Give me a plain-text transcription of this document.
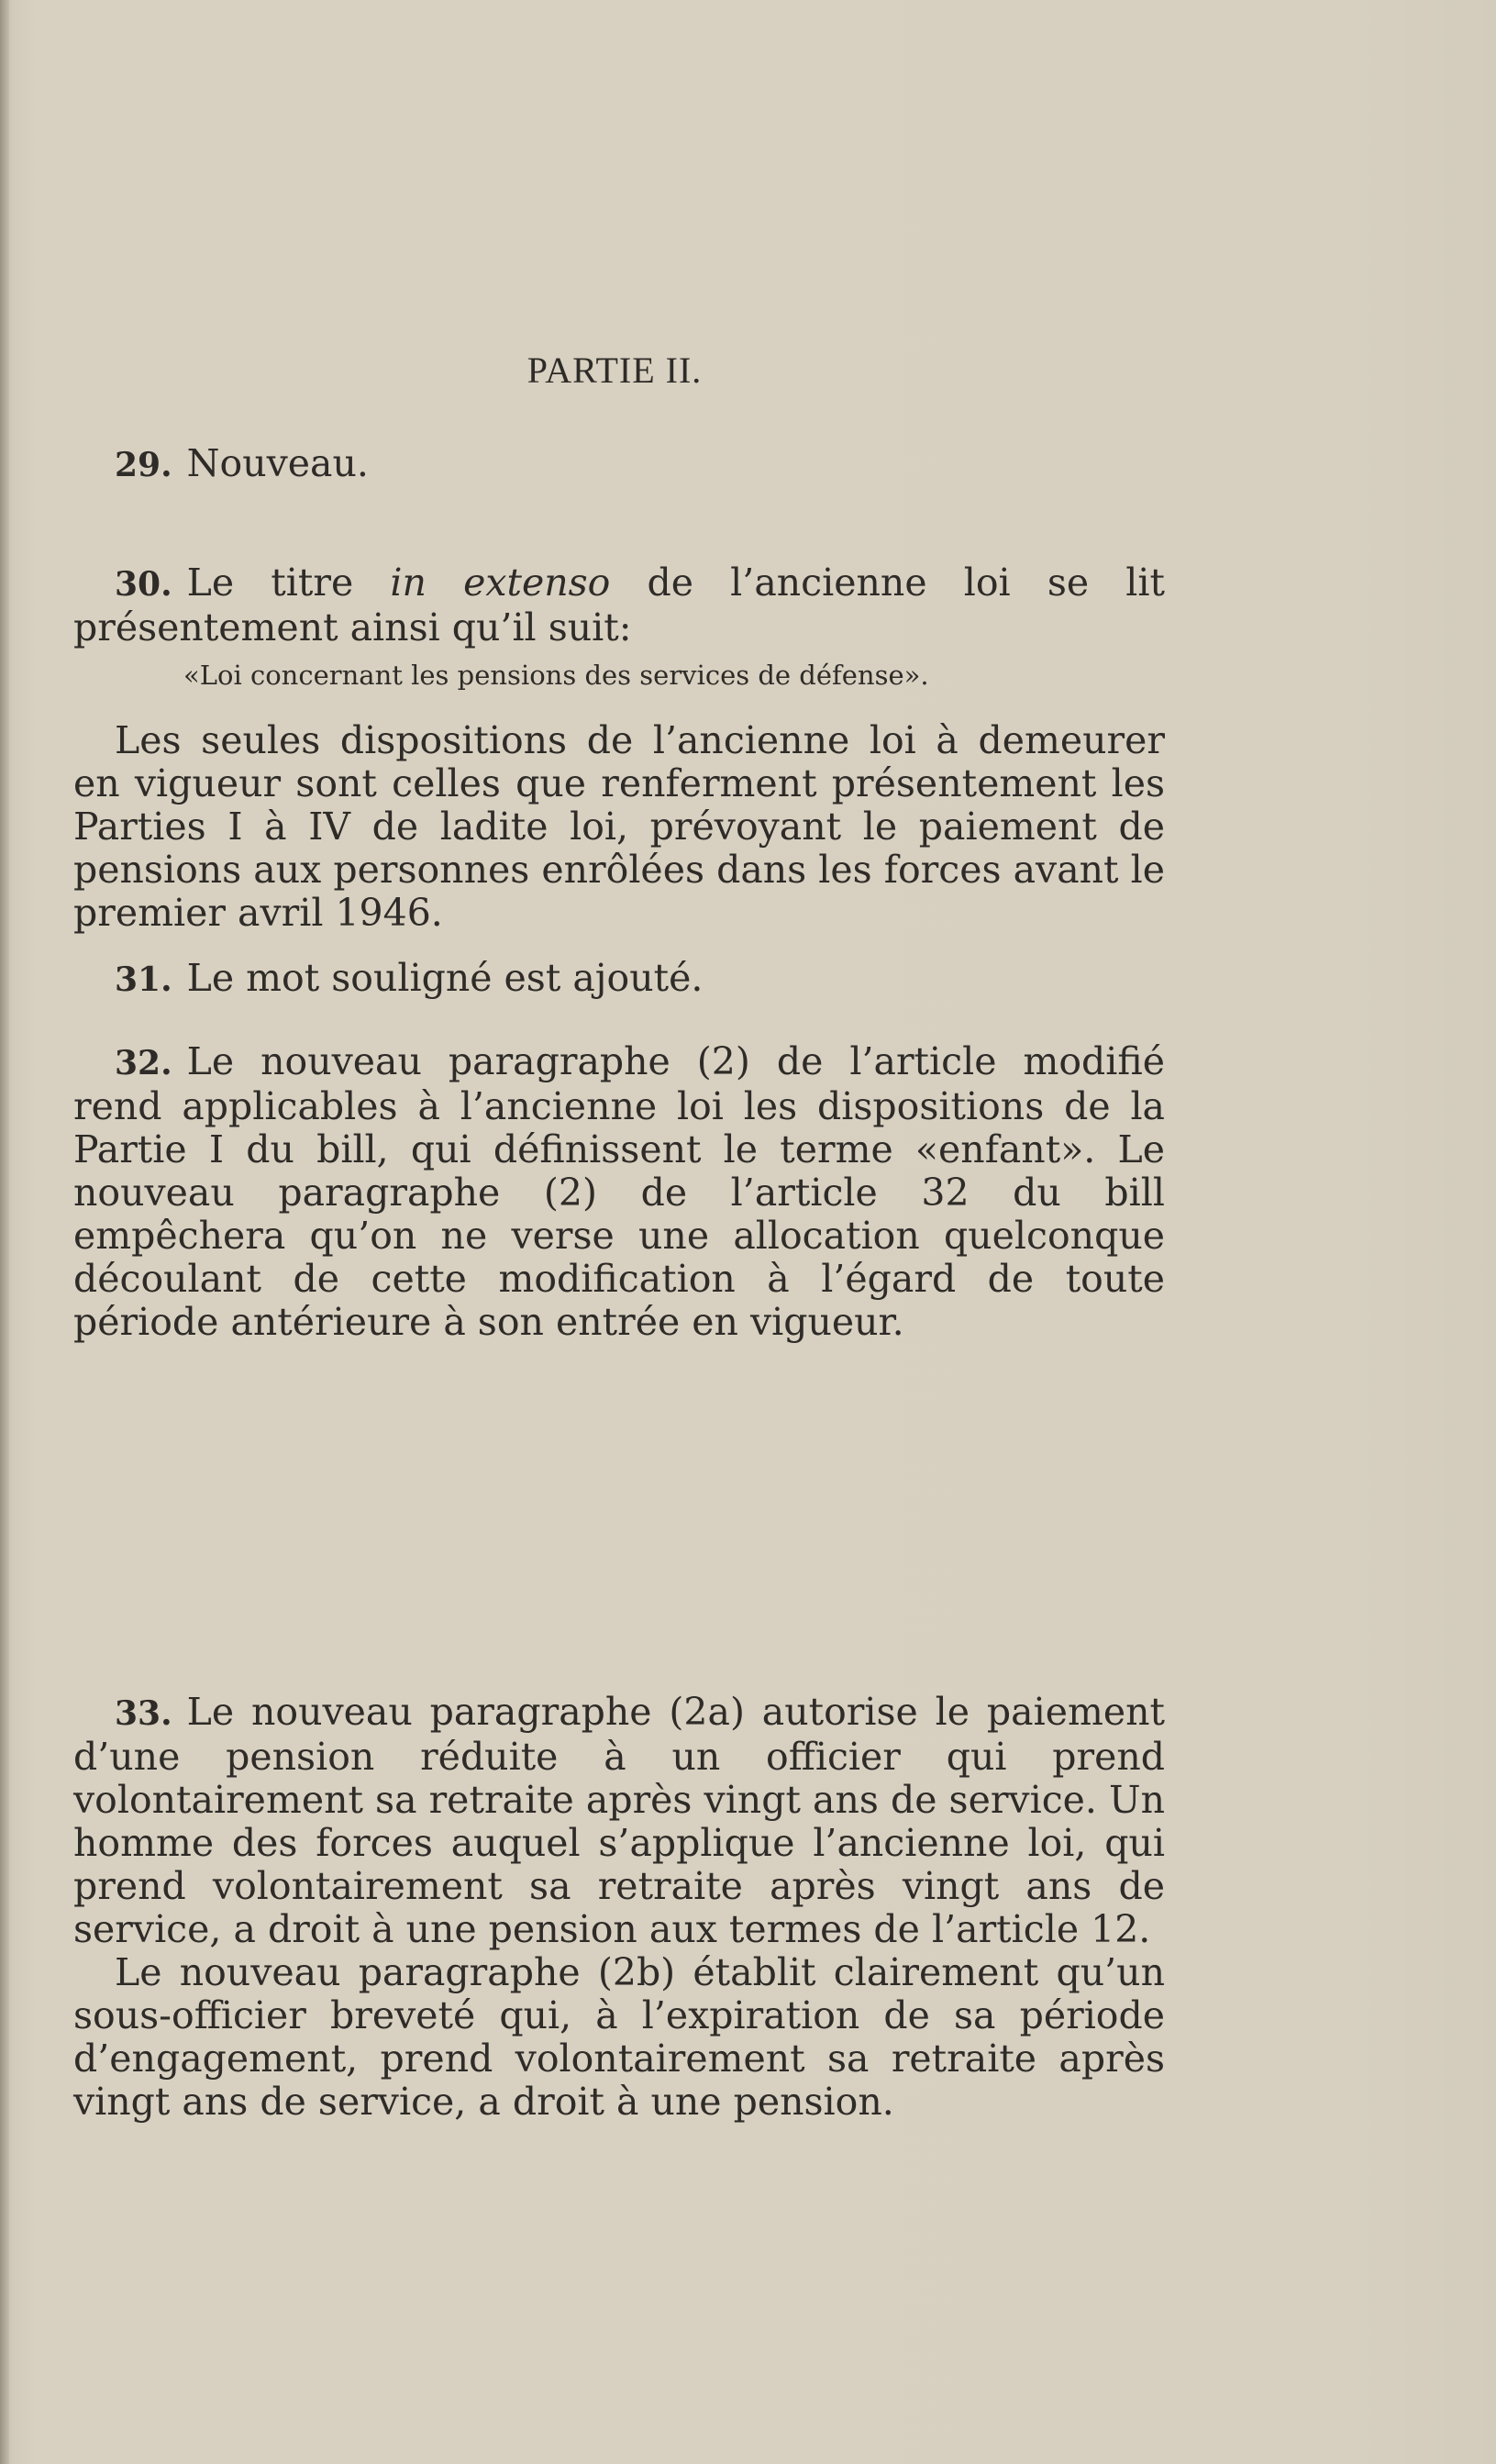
PARTIE II.

29. Nouveau.

30. Le titre in extenso de l’ancienne loi se lit présentement ainsi qu’il suit:

«Loi concernant les pensions des services de défense».

Les seules dispositions de l’ancienne loi à demeurer en vigueur sont celles que renferment présentement les Parties I à IV de ladite loi, prévoyant le paiement de pensions aux personnes enrôlées dans les forces avant le premier avril 1946.

31. Le mot souligné est ajouté.

32. Le nouveau paragraphe (2) de l’article modifié rend applicables à l’ancienne loi les dispositions de la Partie I du bill, qui définissent le terme «enfant». Le nouveau paragraphe (2) de l’article 32 du bill empêchera qu’on ne verse une allocation quelconque découlant de cette modification à l’égard de toute période antérieure à son entrée en vigueur.

33. Le nouveau paragraphe (2a) autorise le paiement d’une pension réduite à un officier qui prend volontairement sa retraite après vingt ans de service. Un homme des forces auquel s’applique l’ancienne loi, qui prend volontairement sa retraite après vingt ans de service, a droit à une pension aux termes de l’article 12.

Le nouveau paragraphe (2b) établit clairement qu’un sous-officier breveté qui, à l’expiration de sa période d’engagement, prend volontairement sa retraite après vingt ans de service, a droit à une pension.
